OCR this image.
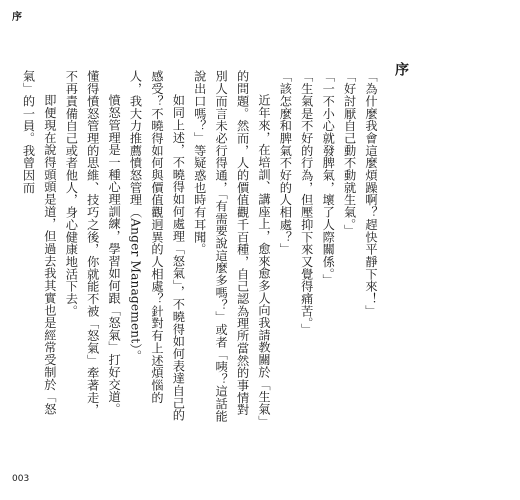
序
序

「為什麼我會這麼煩躁啊？趕快平靜下來！」

「好討厭自己動不動就生氣。」

「一不小心就發脾氣，壞了人際關係。」

「生氣是不好的行為，但壓抑下來又覺得痛苦。」

「該怎麼和脾氣不好的人相處？」

近年來，在培訓、講座上，愈來愈多人向我請教關於「生氣」的問題。然而，人的價值觀千百種，自己認為理所當然的事情對別人而言未必行得通，「有需要說這麼多嗎？」或者「咦？這話能說出口嗎？」等疑惑也時有耳聞。

如同上述，不曉得如何處理「怒氣」，不曉得如何表達自己的感受？不曉得如何與價值觀迥異的人相處？針對有上述煩惱的人，我大力推薦憤怒管理（Anger Management）。

憤怒管理是一種心理訓練，學習如何跟「怒氣」打好交道。懂得憤怒管理的思維、技巧之後，你就能不被「怒氣」牽著走，不再責備自己或者他人，身心健康地活下去。

即便現在說得頭頭是道，但過去我其實也是經常受制於「怒氣」的一員。我曾因而

003
